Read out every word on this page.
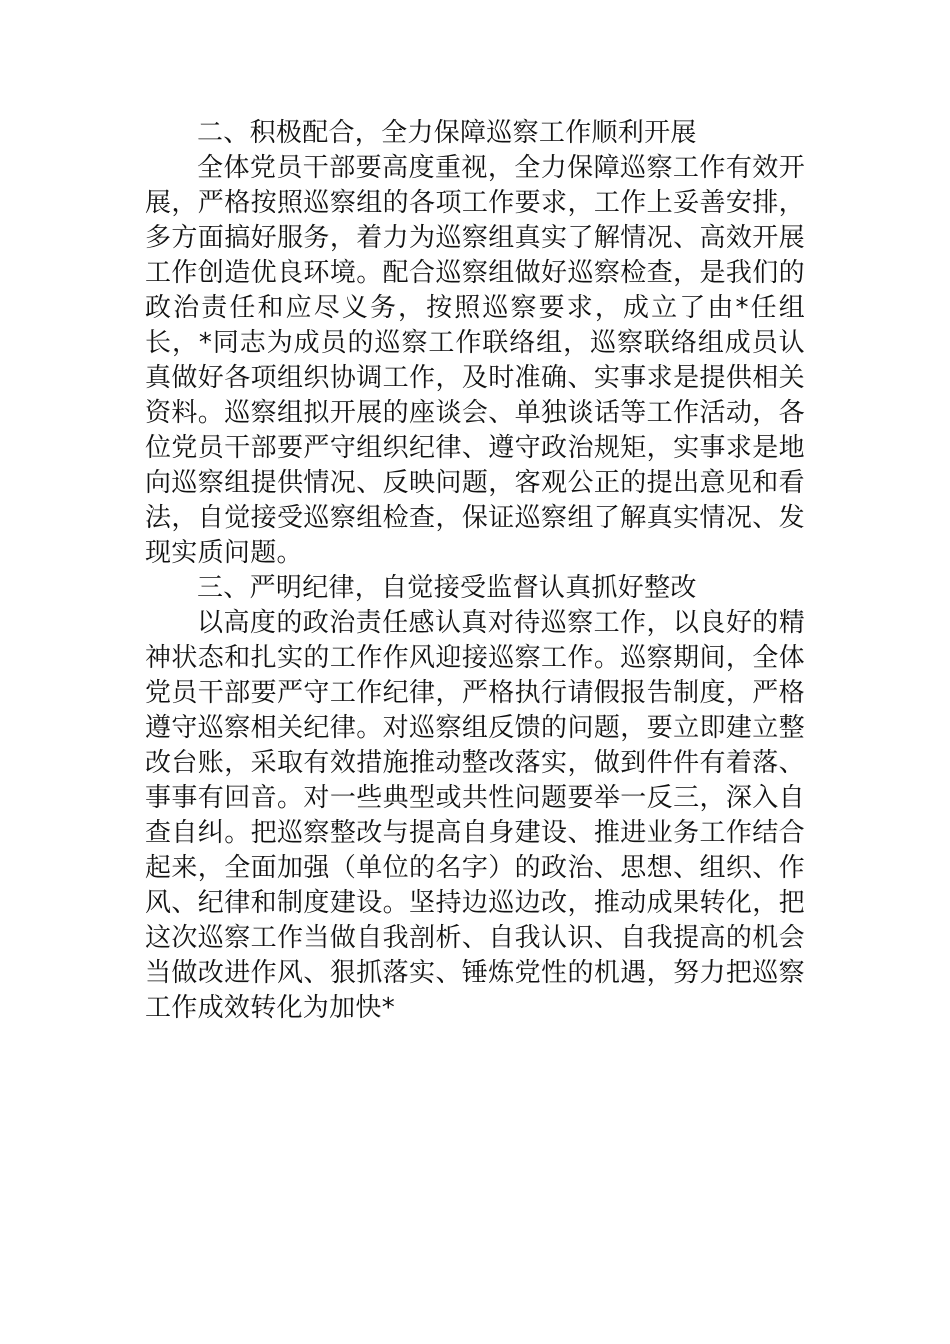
二、积极配合，全力保障巡察工作顺利开展

全体党员干部要高度重视，全力保障巡察工作有效开展，严格按照巡察组的各项工作要求，工作上妥善安排，多方面搞好服务，着力为巡察组真实了解情况、高效开展工作创造优良环境。配合巡察组做好巡察检查，是我们的政治责任和应尽义务，按照巡察要求，成立了由*任组长，*同志为成员的巡察工作联络组，巡察联络组成员认真做好各项组织协调工作，及时准确、实事求是提供相关资料。巡察组拟开展的座谈会、单独谈话等工作活动，各位党员干部要严守组织纪律、遵守政治规矩，实事求是地向巡察组提供情况、反映问题，客观公正的提出意见和看法，自觉接受巡察组检查，保证巡察组了解真实情况、发现实质问题。

三、严明纪律，自觉接受监督认真抓好整改

以高度的政治责任感认真对待巡察工作，以良好的精神状态和扎实的工作作风迎接巡察工作。巡察期间，全体党员干部要严守工作纪律，严格执行请假报告制度，严格遵守巡察相关纪律。对巡察组反馈的问题，要立即建立整改台账，采取有效措施推动整改落实，做到件件有着落、事事有回音。对一些典型或共性问题要举一反三，深入自查自纠。把巡察整改与提高自身建设、推进业务工作结合起来，全面加强（单位的名字）的政治、思想、组织、作风、纪律和制度建设。坚持边巡边改，推动成果转化，把这次巡察工作当做自我剖析、自我认识、自我提高的机会当做改进作风、狠抓落实、锤炼党性的机遇，努力把巡察工作成效转化为加快*
